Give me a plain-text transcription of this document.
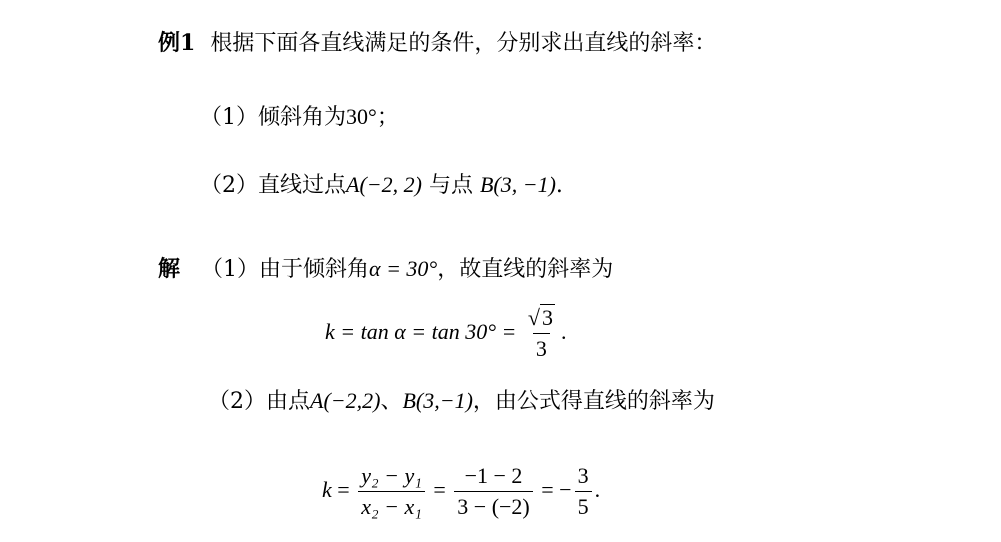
例1 根据下面各直线满足的条件，分别求出直线的斜率：
（1）倾斜角为30°；
（2）直线过点A(−2, 2) 与点 B(3, −1).
解 （1）由于倾斜角α = 30°，故直线的斜率为
$k = \tan \alpha = \tan 30^\circ = \frac{√3}{3}$ .
（2）由点A(−2,2)、B(3,−1)，由公式得直线的斜率为
$k = \frac{\text{y₂ − y₁}}{\text{x₂ − x₁}} = \frac{-1 - 2}{3 - (-2)}$ = − $\frac{3}{5}$ .
